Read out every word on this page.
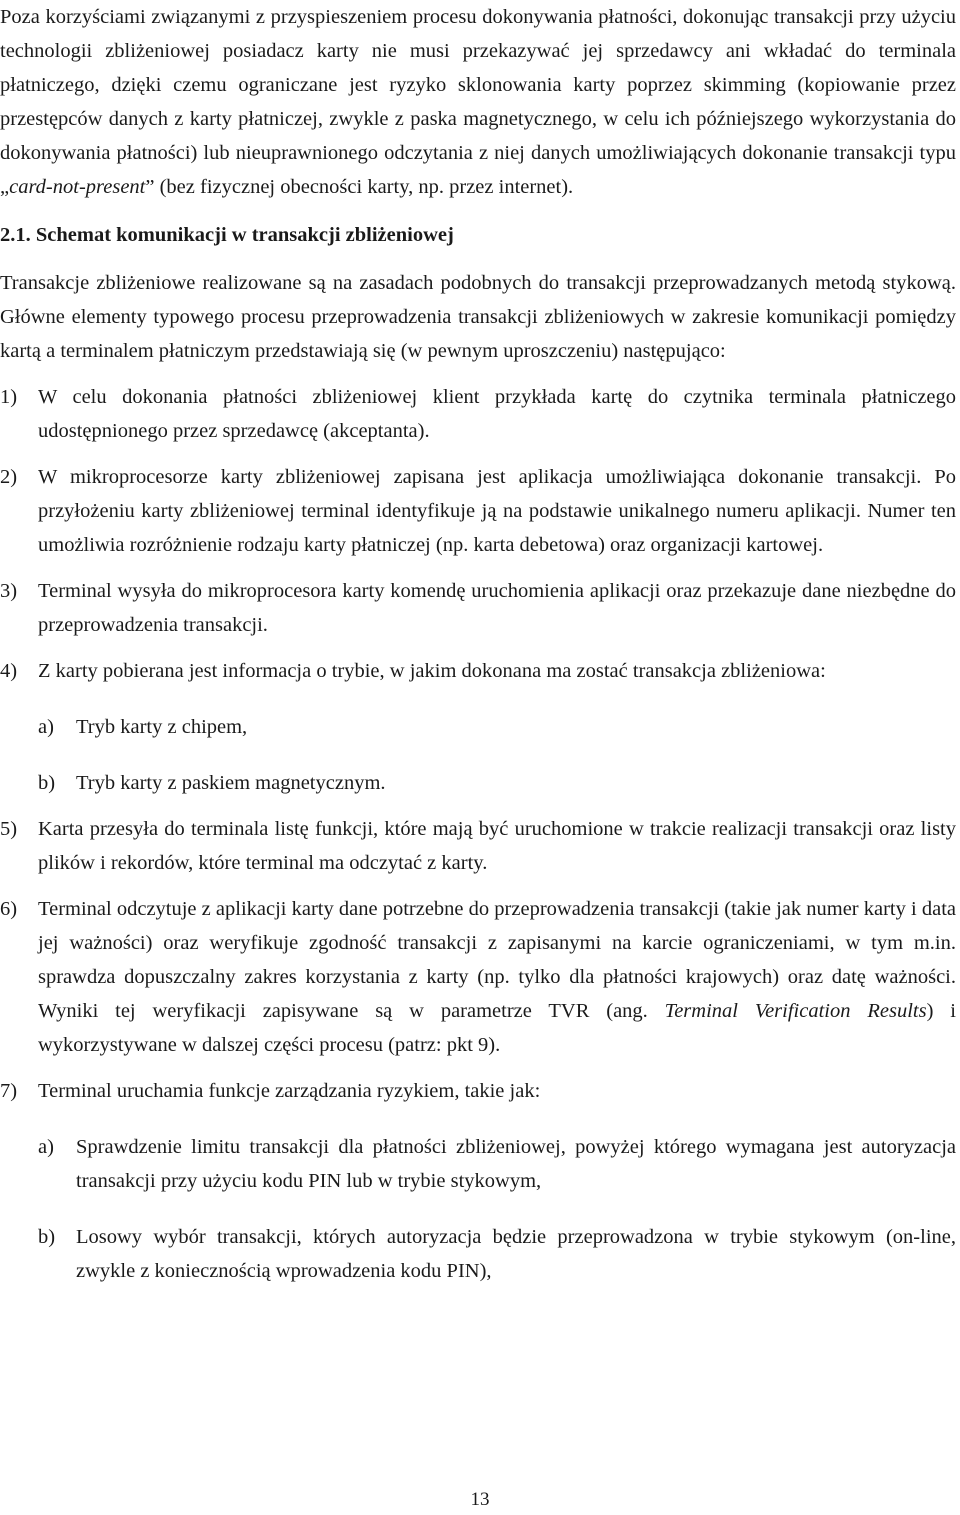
Poza korzyściami związanymi z przyspieszeniem procesu dokonywania płatności, dokonując transakcji przy użyciu technologii zbliżeniowej posiadacz karty nie musi przekazywać jej sprzedawcy ani wkładać do terminala płatniczego, dzięki czemu ograniczane jest ryzyko sklonowania karty poprzez skimming (kopiowanie przez przestępców danych z karty płatniczej, zwykle z paska magnetycznego, w celu ich późniejszego wykorzystania do dokonywania płatności) lub nieuprawnionego odczytania z niej danych umożliwiających dokonanie transakcji typu „card-not-present” (bez fizycznej obecności karty, np. przez internet).

2.1. Schemat komunikacji w transakcji zbliżeniowej

Transakcje zbliżeniowe realizowane są na zasadach podobnych do transakcji przeprowadzanych metodą stykową. Główne elementy typowego procesu przeprowadzenia transakcji zbliżeniowych w zakresie komunikacji pomiędzy kartą a terminalem płatniczym przedstawiają się (w pewnym uproszczeniu) następująco:

1)	W celu dokonania płatności zbliżeniowej klient przykłada kartę do czytnika terminala płatniczego udostępnionego przez sprzedawcę (akceptanta).
2)	W mikroprocesorze karty zbliżeniowej zapisana jest aplikacja umożliwiająca dokonanie transakcji. Po przyłożeniu karty zbliżeniowej terminal identyfikuje ją na podstawie unikalnego numeru aplikacji. Numer ten umożliwia rozróżnienie rodzaju karty płatniczej (np. karta debetowa) oraz organizacji kartowej.
3)	Terminal wysyła do mikroprocesora karty komendę uruchomienia aplikacji oraz przekazuje dane niezbędne do przeprowadzenia transakcji.
4)	Z karty pobierana jest informacja o trybie, w jakim dokonana ma zostać transakcja zbliżeniowa:
a)	Tryb karty z chipem,
b)	Tryb karty z paskiem magnetycznym.
5)	Karta przesyła do terminala listę funkcji, które mają być uruchomione w trakcie realizacji transakcji oraz listy plików i rekordów, które terminal ma odczytać z karty.
6)	Terminal odczytuje z aplikacji karty dane potrzebne do przeprowadzenia transakcji (takie jak numer karty i data jej ważności) oraz weryfikuje zgodność transakcji z zapisanymi na karcie ograniczeniami, w tym m.in. sprawdza dopuszczalny zakres korzystania z karty (np. tylko dla płatności krajowych) oraz datę ważności. Wyniki tej weryfikacji zapisywane są w parametrze TVR (ang. Terminal Verification Results) i wykorzystywane w dalszej części procesu (patrz: pkt 9).
7)	Terminal uruchamia funkcje zarządzania ryzykiem, takie jak:
a)	Sprawdzenie limitu transakcji dla płatności zbliżeniowej, powyżej którego wymagana jest autoryzacja transakcji przy użyciu kodu PIN lub w trybie stykowym,
b)	Losowy wybór transakcji, których autoryzacja będzie przeprowadzona w trybie stykowym (on-line, zwykle z koniecznością wprowadzenia kodu PIN),
13
